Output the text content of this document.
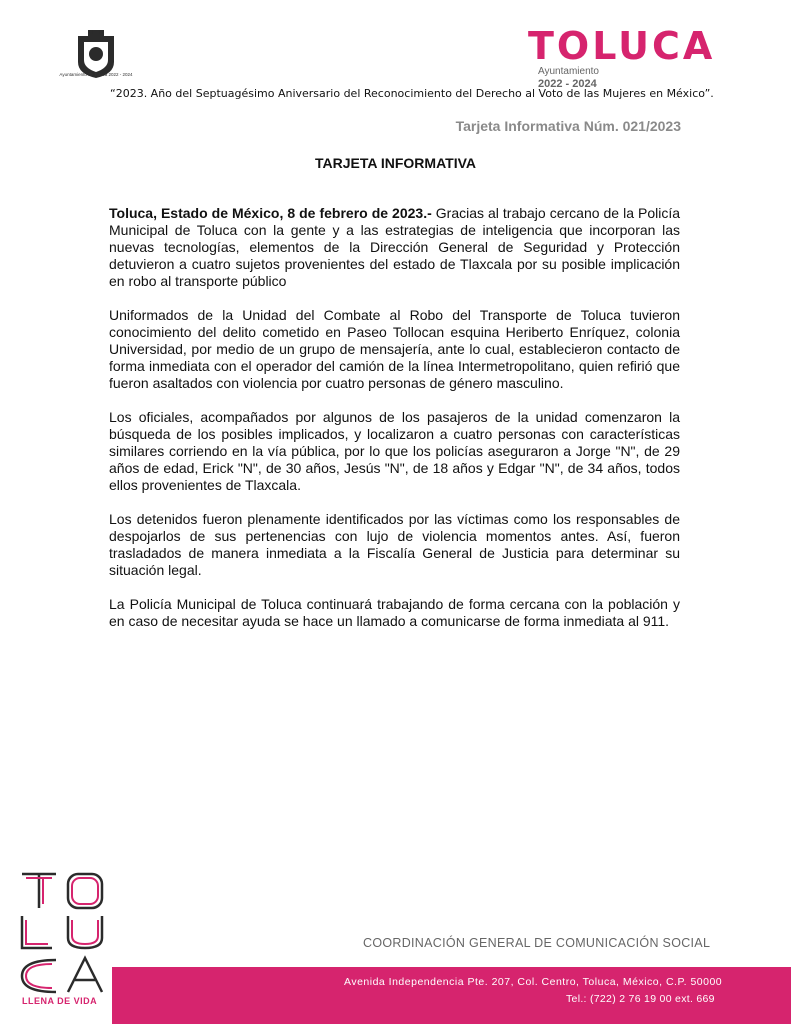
Ayuntamiento de Toluca 2022 - 2024
TOLUCA
Ayuntamiento
2022 - 2024
“2023. Año del Septuagésimo Aniversario del Reconocimiento del Derecho al Voto de las Mujeres en México”.
Tarjeta Informativa Núm. 021/2023
TARJETA INFORMATIVA

Toluca, Estado de México, 8 de febrero de 2023.- Gracias al trabajo cercano de la Policía Municipal de Toluca con la gente y a las estrategias de inteligencia que incorporan las nuevas tecnologías, elementos de la Dirección General de Seguridad y Protección detuvieron a cuatro sujetos provenientes del estado de Tlaxcala por su posible implicación en robo al transporte público

Uniformados de la Unidad del Combate al Robo del Transporte de Toluca tuvieron conocimiento del delito cometido en Paseo Tollocan esquina Heriberto Enríquez, colonia Universidad, por medio de un grupo de mensajería, ante lo cual, establecieron contacto de forma inmediata con el operador del camión de la línea Intermetropolitano, quien refirió que fueron asaltados con violencia por cuatro personas de género masculino.

Los oficiales, acompañados por algunos de los pasajeros de la unidad comenzaron la búsqueda de los posibles implicados, y localizaron a cuatro personas con características similares corriendo en la vía pública, por lo que los policías aseguraron a Jorge "N", de 29 años de edad, Erick "N", de 30 años, Jesús "N", de 18 años y Edgar "N", de 34 años, todos ellos provenientes de Tlaxcala.

Los detenidos fueron plenamente identificados por las víctimas como los responsables de despojarlos de sus pertenencias con lujo de violencia momentos antes. Así, fueron trasladados de manera inmediata a la Fiscalía General de Justicia para determinar su situación legal.

La Policía Municipal de Toluca continuará trabajando de forma cercana con la población y en caso de necesitar ayuda se hace un llamado a comunicarse de forma inmediata al 911.

LLENA DE VIDA
COORDINACIÓN GENERAL DE COMUNICACIÓN SOCIAL
Avenida Independencia Pte. 207, Col. Centro, Toluca, México, C.P. 50000
Tel.: (722) 2 76 19 00 ext. 669
